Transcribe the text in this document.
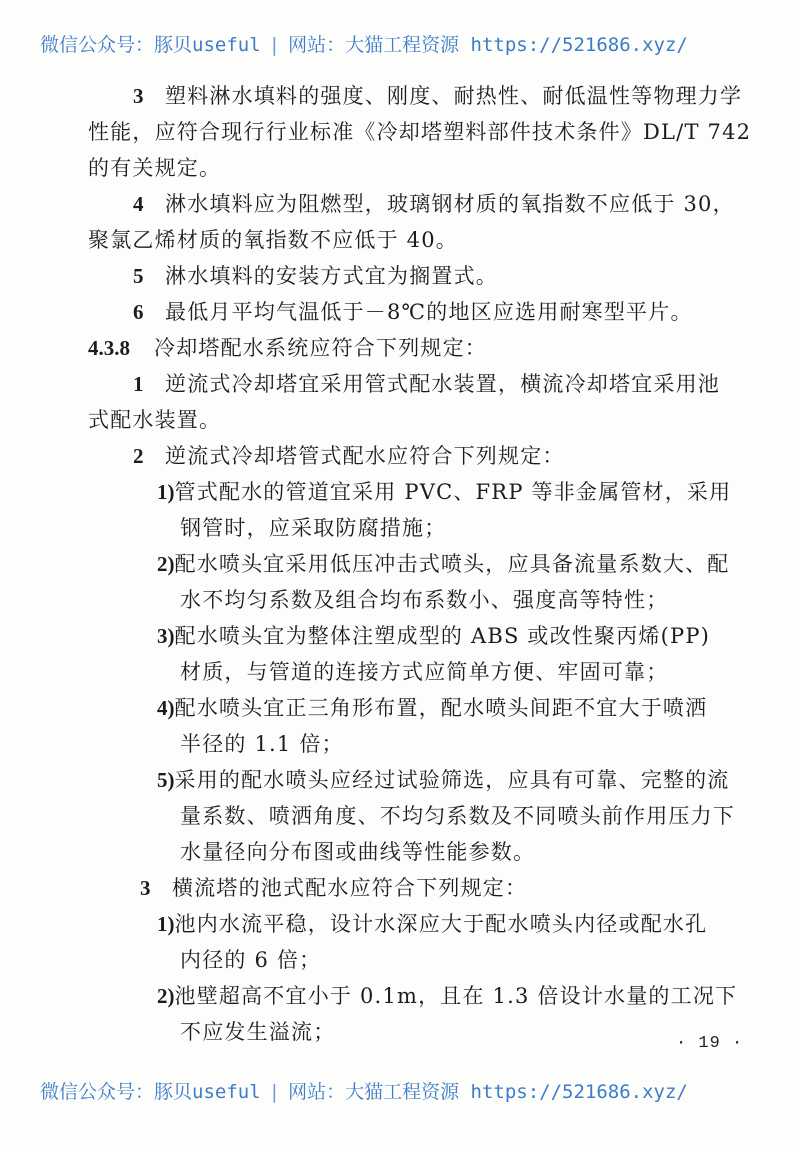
微信公众号：豚贝useful | 网站：大猫工程资源 https://521686.xyz/
3 塑料淋水填料的强度、刚度、耐热性、耐低温性等物理力学
性能，应符合现行行业标准《冷却塔塑料部件技术条件》DL/T 742
的有关规定。
4 淋水填料应为阻燃型，玻璃钢材质的氧指数不应低于 30，
聚氯乙烯材质的氧指数不应低于 40。
5 淋水填料的安装方式宜为搁置式。
6 最低月平均气温低于－8℃的地区应选用耐寒型平片。
4.3.8 冷却塔配水系统应符合下列规定：
1 逆流式冷却塔宜采用管式配水装置，横流冷却塔宜采用池
式配水装置。
2 逆流式冷却塔管式配水应符合下列规定：
1)管式配水的管道宜采用 PVC、FRP 等非金属管材，采用
钢管时，应采取防腐措施；
2)配水喷头宜采用低压冲击式喷头，应具备流量系数大、配
水不均匀系数及组合均布系数小、强度高等特性；
3)配水喷头宜为整体注塑成型的 ABS 或改性聚丙烯(PP)
材质，与管道的连接方式应简单方便、牢固可靠；
4)配水喷头宜正三角形布置，配水喷头间距不宜大于喷洒
半径的 1.1 倍；
5)采用的配水喷头应经过试验筛选，应具有可靠、完整的流
量系数、喷洒角度、不均匀系数及不同喷头前作用压力下
水量径向分布图或曲线等性能参数。
3 横流塔的池式配水应符合下列规定：
1)池内水流平稳，设计水深应大于配水喷头内径或配水孔
内径的 6 倍；
2)池壁超高不宜小于 0.1m，且在 1.3 倍设计水量的工况下
不应发生溢流；	· 19 ·
微信公众号：豚贝useful | 网站：大猫工程资源 https://521686.xyz/
